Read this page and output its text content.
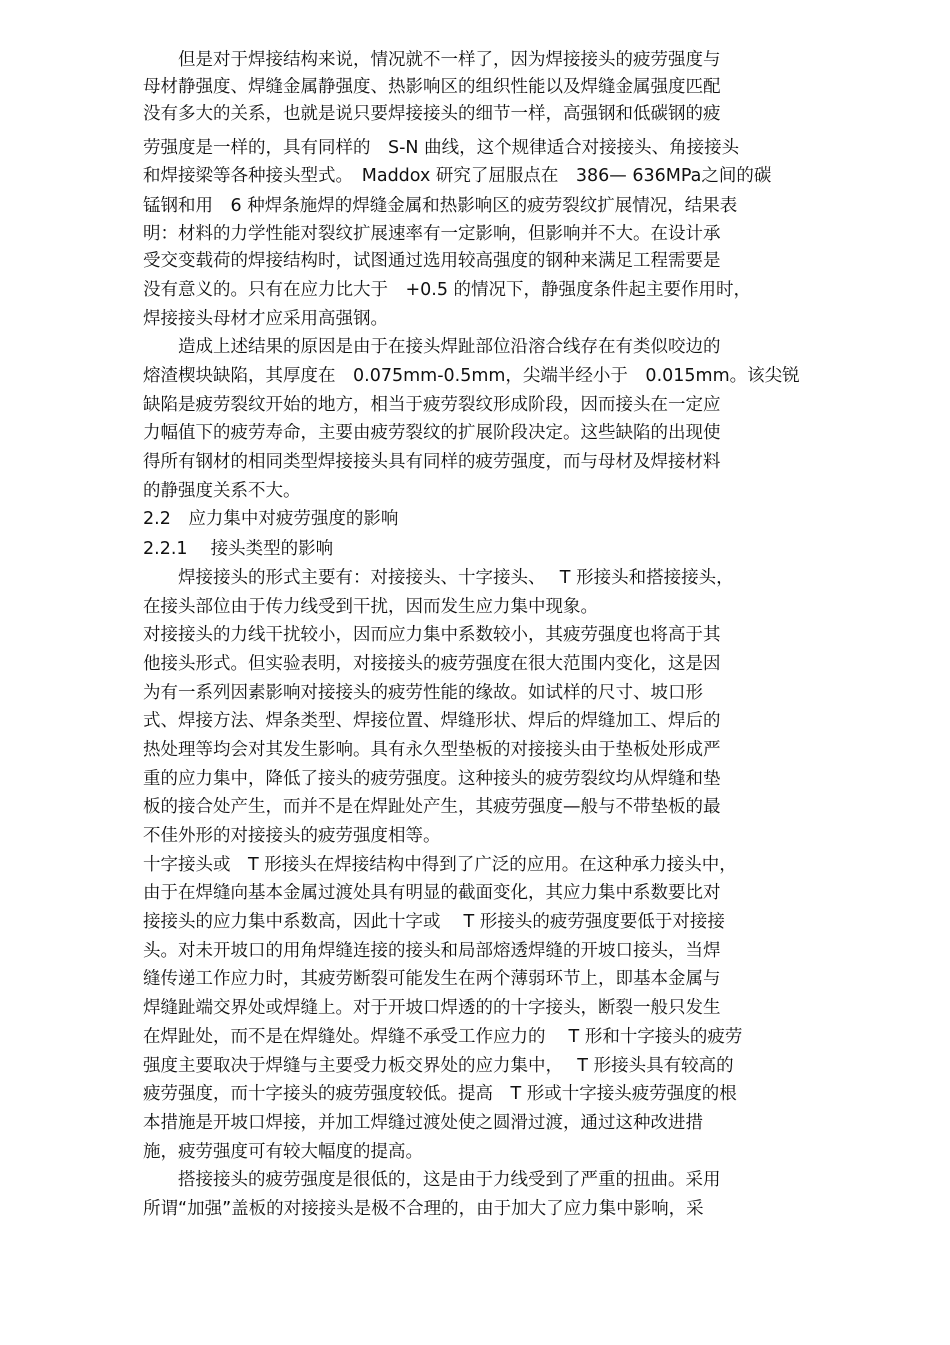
　　但是对于焊接结构来说，情况就不一样了，因为焊接接头的疲劳强度与
母材静强度、焊缝金属静强度、热影响区的组织性能以及焊缝金属强度匹配
没有多大的关系，也就是说只要焊接接头的细节一样，高强钢和低碳钢的疲
劳强度是一样的，具有同样的　S-N 曲线，这个规律适合对接接头、角接接头
和焊接梁等各种接头型式。　Maddox 研究了屈服点在　386— 636MPa之间的碳
锰钢和用　6 种焊条施焊的焊缝金属和热影响区的疲劳裂纹扩展情况，结果表
明：材料的力学性能对裂纹扩展速率有一定影响，但影响并不大。在设计承
受交变载荷的焊接结构时，试图通过选用较高强度的钢种来满足工程需要是
没有意义的。只有在应力比大于　+0.5 的情况下，静强度条件起主要作用时，
焊接接头母材才应采用高强钢。
　　造成上述结果的原因是由于在接头焊趾部位沿溶合线存在有类似咬边的
熔渣楔块缺陷，其厚度在　0.075mm-0.5mm，尖端半经小于　0.015mm。该尖锐
缺陷是疲劳裂纹开始的地方，相当于疲劳裂纹形成阶段，因而接头在一定应
力幅值下的疲劳寿命，主要由疲劳裂纹的扩展阶段决定。这些缺陷的出现使
得所有钢材的相同类型焊接接头具有同样的疲劳强度，而与母材及焊接材料
的静强度关系不大。
2.2　应力集中对疲劳强度的影响
2.2.1　 接头类型的影响
　　焊接接头的形式主要有：对接接头、十字接头、　 T 形接头和搭接接头，
在接头部位由于传力线受到干扰，因而发生应力集中现象。
对接接头的力线干扰较小，因而应力集中系数较小，其疲劳强度也将高于其
他接头形式。但实验表明，对接接头的疲劳强度在很大范围内变化，这是因
为有一系列因素影响对接接头的疲劳性能的缘故。如试样的尺寸、坡口形
式、焊接方法、焊条类型、焊接位置、焊缝形状、焊后的焊缝加工、焊后的
热处理等均会对其发生影响。具有永久型垫板的对接接头由于垫板处形成严
重的应力集中，降低了接头的疲劳强度。这种接头的疲劳裂纹均从焊缝和垫
板的接合处产生，而并不是在焊趾处产生，其疲劳强度—般与不带垫板的最
不佳外形的对接接头的疲劳强度相等。
十字接头或　T 形接头在焊接结构中得到了广泛的应用。在这种承力接头中，
由于在焊缝向基本金属过渡处具有明显的截面变化，其应力集中系数要比对
接接头的应力集中系数高，因此十字或　 T 形接头的疲劳强度要低于对接接
头。对未开坡口的用角焊缝连接的接头和局部熔透焊缝的开坡口接头，当焊
缝传递工作应力时，其疲劳断裂可能发生在两个薄弱环节上，即基本金属与
焊缝趾端交界处或焊缝上。对于开坡口焊透的的十字接头，断裂一般只发生
在焊趾处，而不是在焊缝处。焊缝不承受工作应力的　 T 形和十字接头的疲劳
强度主要取决于焊缝与主要受力板交界处的应力集中，　 T 形接头具有较高的
疲劳强度，而十字接头的疲劳强度较低。提高　T 形或十字接头疲劳强度的根
本措施是开坡口焊接，并加工焊缝过渡处使之圆滑过渡，通过这种改进措
施，疲劳强度可有较大幅度的提高。
　　搭接接头的疲劳强度是很低的，这是由于力线受到了严重的扭曲。采用
所谓“加强”盖板的对接接头是极不合理的，由于加大了应力集中影响，采
